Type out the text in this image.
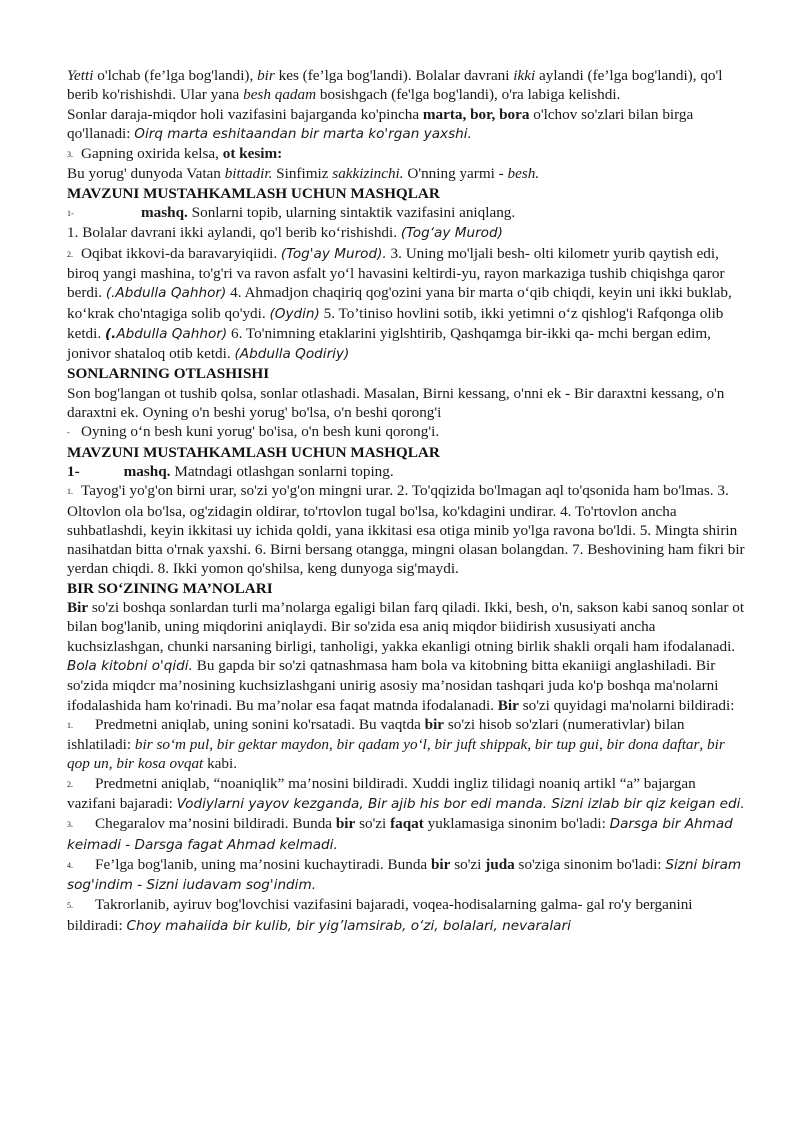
Yetti o'lchab (fe’lga bog'landi), bir kes (fe’lga bog'landi). Bolalar davrani ikki aylandi (fe’lga bog'landi), qo'l berib ko'rishishdi. Ular yana besh qadam bosishgach (fe'lga bog'landi), o'ra labiga kelishdi.

Sonlar daraja-miqdor holi vazifasini bajarganda ko'pincha marta, bor, bora o'lchov so'zlari bilan birga qo'llanadi: Oirq marta eshitaandan bir marta ko'rgan yaxshi.

3. Gapning oxirida kelsa, ot kesim:

Bu yorug' dunyoda Vatan bittadir. Sinfimiz sakkizinchi. O'nning yarmi - besh.

MAVZUNI MUSTAHKAMLASH UCHUN MASHQLAR

1-	mashq. Sonlarni topib, ularning sintaktik vazifasini aniqlang.

1. Bolalar davrani ikki aylandi, qo'l berib ko‘rishishdi. (Tog‘ay Murod)

2. Oqibat ikkovi-da baravaryiqiidi. (Tog'ay Murod). 3. Uning mo'ljali besh- olti kilometr yurib qaytish edi, biroq yangi mashina, to'g'ri va ravon asfalt yo‘l havasini keltirdi-yu, rayon markaziga tushib chiqishga qaror berdi. (.Abdulla Qahhor) 4. Ahmadjon chaqiriq qog'ozini yana bir marta o‘qib chiqdi, keyin uni ikki buklab, ko‘krak cho'ntagiga solib qo'ydi. (Oydin) 5. To’tiniso hovlini sotib, ikki yetimni o‘z qishlog'i Rafqonga olib ketdi. (.Abdulla Qahhor) 6. To'nimning etaklarini yiglshtirib, Qashqamga bir-ikki qa- mchi bergan edim, jonivor shataloq otib ketdi. (Abdulla Qodiriy)

SONLARNING OTLASHISHI

Son bog'langan ot tushib qolsa, sonlar otlashadi. Masalan, Birni kessang, o'nni ek - Bir daraxtni kessang, o'n daraxtni ek. Oyning o'n beshi yorug' bo'lsa, o'n beshi qorong'i

- Oyning o‘n besh kuni yorug' bo'isa, o'n besh kuni qorong'i.

MAVZUNI MUSTAHKAMLASH UCHUN MASHQLAR

1-	mashq. Matndagi otlashgan sonlarni toping.

1. Tayog'i yo'g'on birni urar, so'zi yo'g'on mingni urar. 2. To'qqizida bo'lmagan aql to'qsonida ham bo'lmas. 3. Oltovlon ola bo'lsa, og'zidagin oldirar, to'rtovlon tugal bo'lsa, ko'kdagini undirar. 4. To'rtovlon ancha suhbatlashdi, keyin ikkitasi uy ichida qoldi, yana ikkitasi esa otiga minib yo'lga ravona bo'ldi. 5. Mingta shirin nasihatdan bitta o'rnak yaxshi. 6. Birni bersang otangga, mingni olasan bolangdan. 7. Beshovining ham fikri bir yerdan chiqdi. 8. Ikki yomon qo'shilsa, keng dunyoga sig'maydi.

BIR SO‘ZINING MA’NOLARI

Bir so'zi boshqa sonlardan turli ma’nolarga egaligi bilan farq qiladi. Ikki, besh, o'n, sakson kabi sanoq sonlar ot bilan bog'lanib, uning miqdorini aniqlaydi. Bir so'zida esa aniq miqdor biidirish xususiyati ancha kuchsizlashgan, chunki narsaning birligi, tanholigi, yakka ekanligi otning birlik shakli orqali ham ifodalanadi. Bola kitobni o'qidi. Bu gapda bir so'zi qatnashmasa ham bola va kitobning bitta ekaniigi anglashiladi. Bir so'zida miqdcr ma’nosining kuchsizlashgani unirig asosiy ma’nosidan tashqari juda ko'p boshqa ma'nolarni ifodalashida ham ko'rinadi. Bu ma’nolar esa faqat matnda ifodalanadi. Bir so'zi quyidagi ma'nolarni bildiradi:

1. Predmetni aniqlab, uning sonini ko'rsatadi. Bu vaqtda bir so'zi hisob so'zlari (numerativlar) bilan ishlatiladi: bir so‘m pul, bir gektar maydon, bir qadam yo‘l, bir juft shippak, bir tup gui, bir dona daftar, bir qop un, bir kosa ovqat kabi.

2. Predmetni aniqlab, “noaniqlik” ma’nosini bildiradi. Xuddi ingliz tilidagi noaniq artikl “a” bajargan vazifani bajaradi: Vodiylarni yayov kezganda, Bir ajib his bor edi manda. Sizni izlab bir qiz keigan edi.

3. Chegaralov ma’nosini bildiradi. Bunda bir so'zi faqat yuklamasiga sinonim bo'ladi: Darsga bir Ahmad keimadi - Darsga fagat Ahmad kelmadi.

4. Fe’lga bog'lanib, uning ma’nosini kuchaytiradi. Bunda bir so'zi juda so'ziga sinonim bo'ladi: Sizni biram sog'indim - Sizni iudavam sog'indim.

5. Takrorlanib, ayiruv bog'lovchisi vazifasini bajaradi, voqea-hodisalarning galma- gal ro'y berganini bildiradi: Choy mahaiida bir kulib, bir yig’lamsirab, o‘zi, bolalari, nevaralari
